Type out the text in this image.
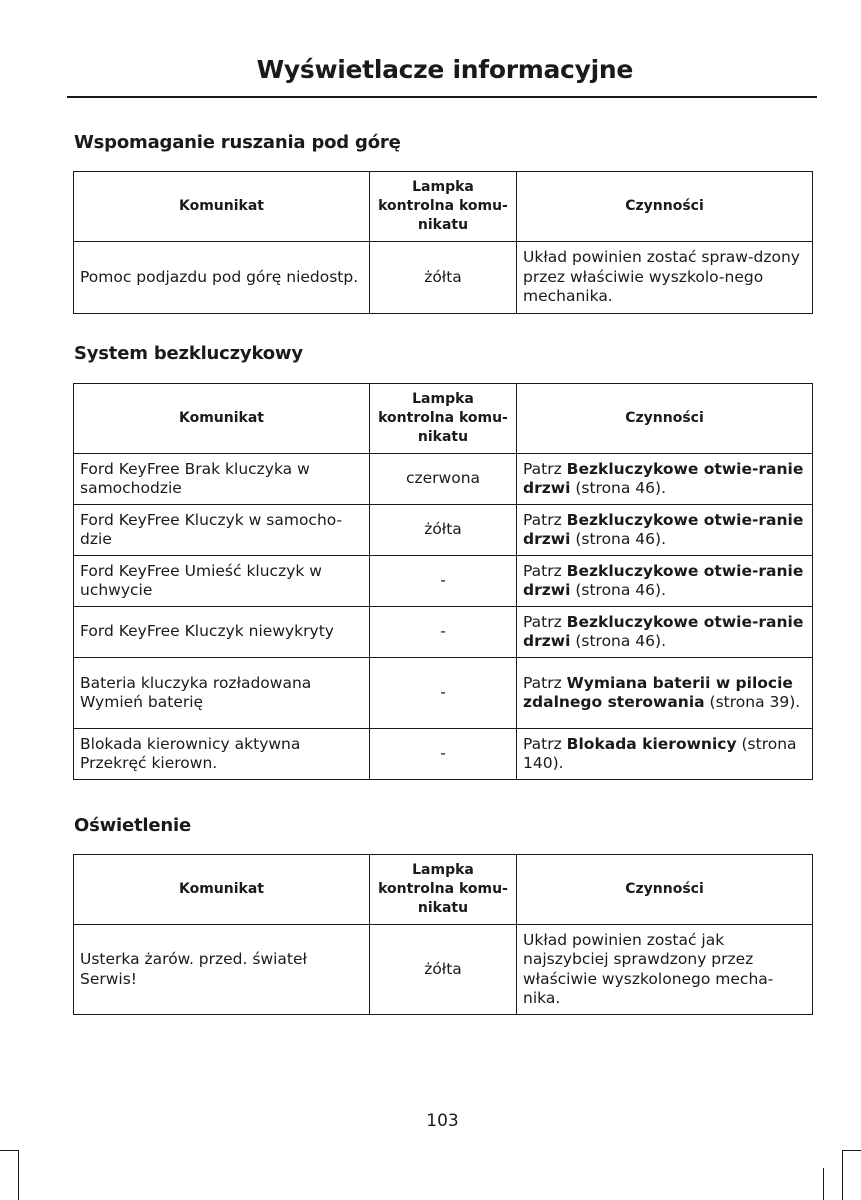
Wyświetlacze informacyjne
Wspomaganie ruszania pod górę
Komunikat	Lampka kontrolna komu-nikatu	Czynności
Pomoc podjazdu pod górę niedostp.	żółta	Układ powinien zostać spraw-dzony przez właściwie wyszkolo-nego mechanika.
System bezkluczykowy
Komunikat	Lampka kontrolna komu-nikatu	Czynności
Ford KeyFree Brak kluczyka w samochodzie	czerwona	Patrz Bezkluczykowe otwie-ranie drzwi (strona 46).
Ford KeyFree Kluczyk w samocho-dzie	żółta	Patrz Bezkluczykowe otwie-ranie drzwi (strona 46).
Ford KeyFree Umieść kluczyk w uchwycie	-	Patrz Bezkluczykowe otwie-ranie drzwi (strona 46).
Ford KeyFree Kluczyk niewykryty	-	Patrz Bezkluczykowe otwie-ranie drzwi (strona 46).
Bateria kluczyka rozładowana Wymień baterię	-	Patrz Wymiana baterii w pilocie zdalnego sterowania (strona 39).
Blokada kierownicy aktywna Przekręć kierown.	-	Patrz Blokada kierownicy (strona 140).
Oświetlenie
Komunikat	Lampka kontrolna komu-nikatu	Czynności
Usterka żarów. przed. świateł Serwis!	żółta	Układ powinien zostać jak najszybciej sprawdzony przez właściwie wyszkolonego mecha-nika.
103
